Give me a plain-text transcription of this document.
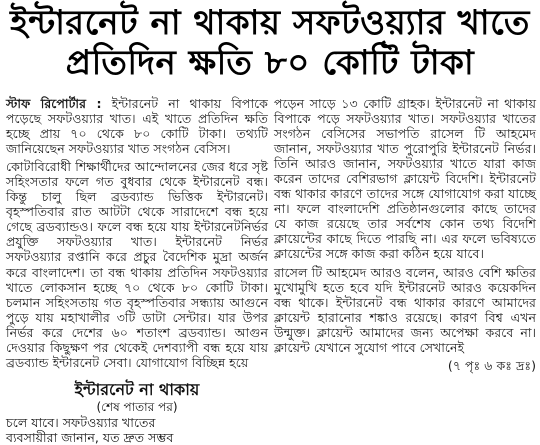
ইন্টারনেট না থাকায় সফটওয়্যার খাতে
প্রতিদিন ক্ষতি ৮০ কোটি টাকা

স্টাফ রিপোর্টার : ইন্টারনেট না থাকায় বিপাকে পড়েছে সফটওয়্যার খাত। এই খাতে প্রতিদিন ক্ষতি হচ্ছে প্রায় ৭০ থেকে ৮০ কোটি টাকা। তথ্যটি জানিয়েছেন সফটওয়্যার খাত সংগঠন বেসিস।

কোটাবিরোধী শিক্ষার্থীদের আন্দোলনের জের ধরে সৃষ্ট সহিংসতার ফলে গত বুধবার থেকে ইন্টারনেট বন্ধ। কিন্তু চালু ছিল ব্রডব্যান্ড ভিত্তিক ইন্টারনেট। বৃহস্পতিবার রাত আটটা থেকে সারাদেশে বন্ধ হয়ে গেছে ব্রডব্যান্ডও। ফলে বন্ধ হয়ে যায় ইন্টারনেটনির্ভর প্রযুক্তি সফটওয়্যার খাত। ইন্টারনেট নির্ভর সফটওয়্যার রপ্তানি করে প্রচুর বৈদেশিক মুদ্রা অর্জন করে বাংলাদেশ। তা বন্ধ থাকায় প্রতিদিন সফটওয়্যার খাতে লোকসান হচ্ছে ৭০ থেকে ৮০ কোটি টাকা। চলমান সহিংসতায় গত বৃহস্পতিবার সন্ধ্যায় আগুনে পুড়ে যায় মহাখালীর ৩টি ডাটা সেন্টার। যার উপর নির্ভর করে দেশের ৬০ শতাংশ ব্রডব্যান্ড। আগুন দেওয়ার কিছুক্ষণ পর থেকেই দেশব্যাপী বন্ধ হয়ে যায় ব্রডব্যান্ড ইন্টারনেট সেবা। যোগাযোগ বিচ্ছিন্ন হয়ে

পড়েন সাড়ে ১৩ কোটি গ্রাহক। ইন্টারনেট না থাকায় বিপাকে পড়ে সফটওয়্যার খাত। সফটওয়্যার খাতের সংগঠন বেসিসের সভাপতি রাসেল টি আহমেদ জানান, সফটওয়্যার খাত পুরোপুরি ইন্টারনেট নির্ভর। তিনি আরও জানান, সফটওয়্যার খাতে যারা কাজ করেন তাদের বেশিরভাগ ক্লায়েন্ট বিদেশি। ইন্টারনেট বন্ধ থাকার কারণে তাদের সঙ্গে যোগাযোগ করা যাচ্ছে না। ফলে বাংলাদেশি প্রতিষ্ঠানগুলোর কাছে তাদের যে কাজ রয়েছে তার সর্বশেষ কোন তথ্য বিদেশি ক্লায়েন্টের কাছে দিতে পারছি না। এর ফলে ভবিষ্যতে ক্লায়েন্টের সঙ্গে কাজ করা কঠিন হয়ে যাবে।

রাসেল টি আহমেদ আরও বলেন, আরও বেশি ক্ষতির মুখোমুখি হতে হবে যদি ইন্টারনেট আরও কয়েকদিন বন্ধ থাকে। ইন্টারনেট বন্ধ থাকার কারণে আমাদের ক্লায়েন্ট হারানোর শঙ্কাও রয়েছে। কারণ বিশ্ব এখন উন্মুক্ত। ক্লায়েন্ট আমাদের জন্য অপেক্ষা করবে না। ক্লায়েন্ট যেখানে সুযোগ পাবে সেখানেই

(৭ পৃঃ ৬ কঃ দ্রঃ)
ইন্টারনেট না থাকায়
(শেষ পাতার পর)
চলে যাবে। সফটওয়্যার খাতের
ব্যবসায়ীরা জানান, যত দ্রুত সম্ভব
